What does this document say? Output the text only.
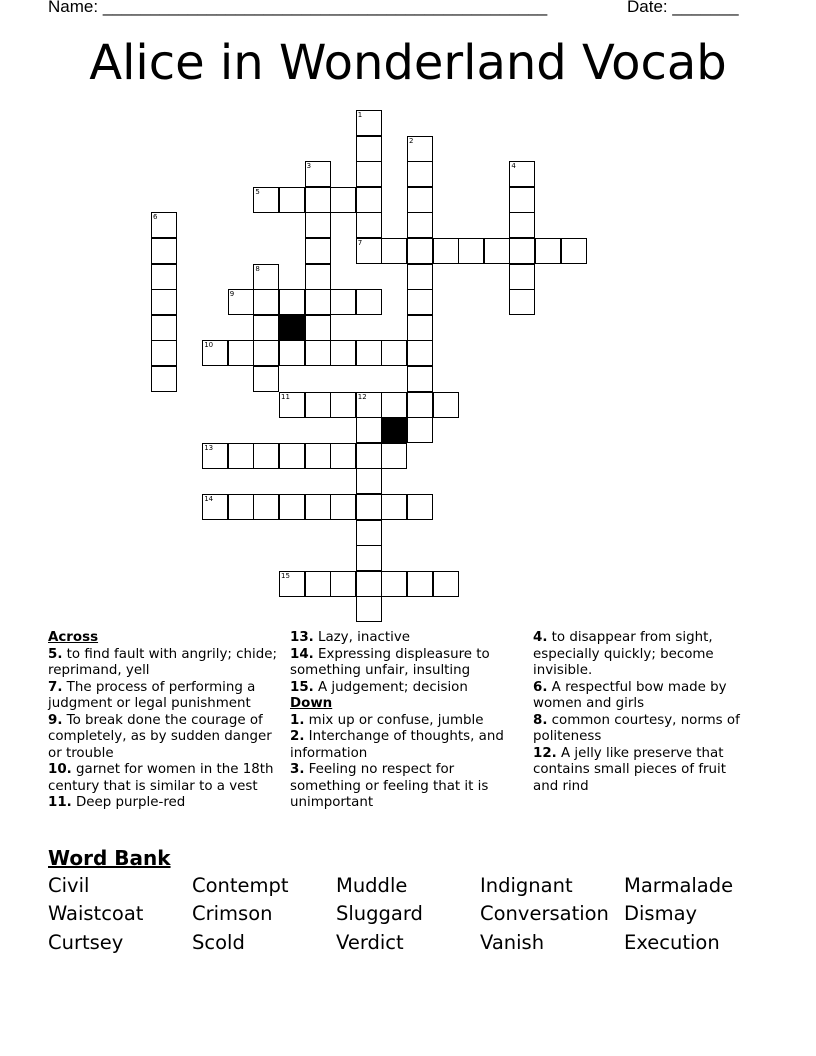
Name: _______________________________________________	Date: _______
Alice in Wonderland Vocab
1
7
2
3	4
5
6
8
9
10
11	12
13
14
15
Across
5. to find fault with angrily; chide; reprimand, yell
7. The process of performing a judgment or legal punishment
9. To break done the courage of completely, as by sudden danger or trouble
10. garnet for women in the 18th century that is similar to a vest
11. Deep purple-red
13. Lazy, inactive
14. Expressing displeasure to something unfair, insulting
15. A judgement; decision
Down
1. mix up or confuse, jumble
2. Interchange of thoughts, and information
3. Feeling no respect for something or feeling that it is unimportant
4. to disappear from sight, especially quickly; become invisible.
6. A respectful bow made by women and girls
8. common courtesy, norms of politeness
12. A jelly like preserve that contains small pieces of fruit and rind
Word Bank
Civil	Contempt Muddle	Indignant	Marmalade
Waistcoat Crimson	Sluggard	Conversation Dismay
Curtsey	Scold	Verdict	Vanish	Execution
